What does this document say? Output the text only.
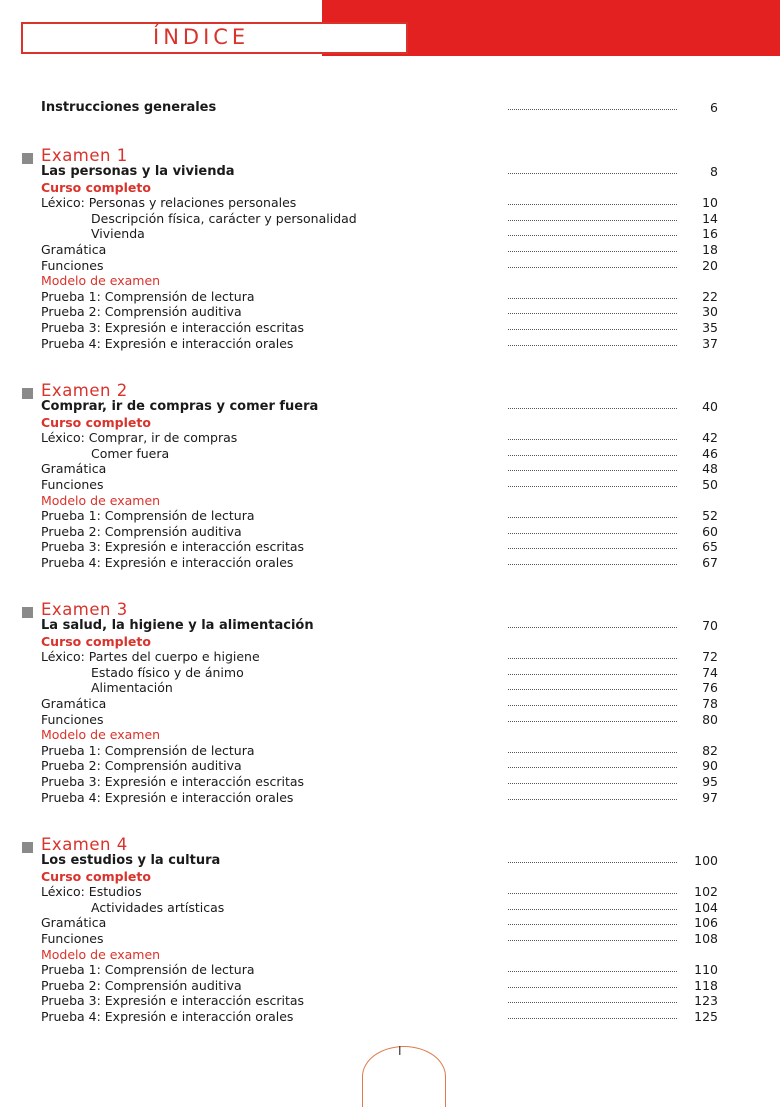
ÍNDICE
Instrucciones generales	6
Examen 1
Las personas y la vivienda	8
Curso completo
Léxico: Personas y relaciones personales	10
Descripción física, carácter y personalidad	14
Vivienda	16
Gramática	18
Funciones	20
Modelo de examen
Prueba 1: Comprensión de lectura	22
Prueba 2: Comprensión auditiva	30
Prueba 3: Expresión e interacción escritas	35
Prueba 4: Expresión e interacción orales	37
Examen 2
Comprar, ir de compras y comer fuera	40
Curso completo
Léxico: Comprar, ir de compras	42
Comer fuera	46
Gramática	48
Funciones	50
Modelo de examen
Prueba 1: Comprensión de lectura	52
Prueba 2: Comprensión auditiva	60
Prueba 3: Expresión e interacción escritas	65
Prueba 4: Expresión e interacción orales	67
Examen 3
La salud, la higiene y la alimentación	70
Curso completo
Léxico: Partes del cuerpo e higiene	72
Estado físico y de ánimo	74
Alimentación	76
Gramática	78
Funciones	80
Modelo de examen
Prueba 1: Comprensión de lectura	82
Prueba 2: Comprensión auditiva	90
Prueba 3: Expresión e interacción escritas	95
Prueba 4: Expresión e interacción orales	97
Examen 4
Los estudios y la cultura	100
Curso completo
Léxico: Estudios	102
Actividades artísticas	104
Gramática	106
Funciones	108
Modelo de examen
Prueba 1: Comprensión de lectura	110
Prueba 2: Comprensión auditiva	118
Prueba 3: Expresión e interacción escritas	123
Prueba 4: Expresión e interacción orales	125
I
